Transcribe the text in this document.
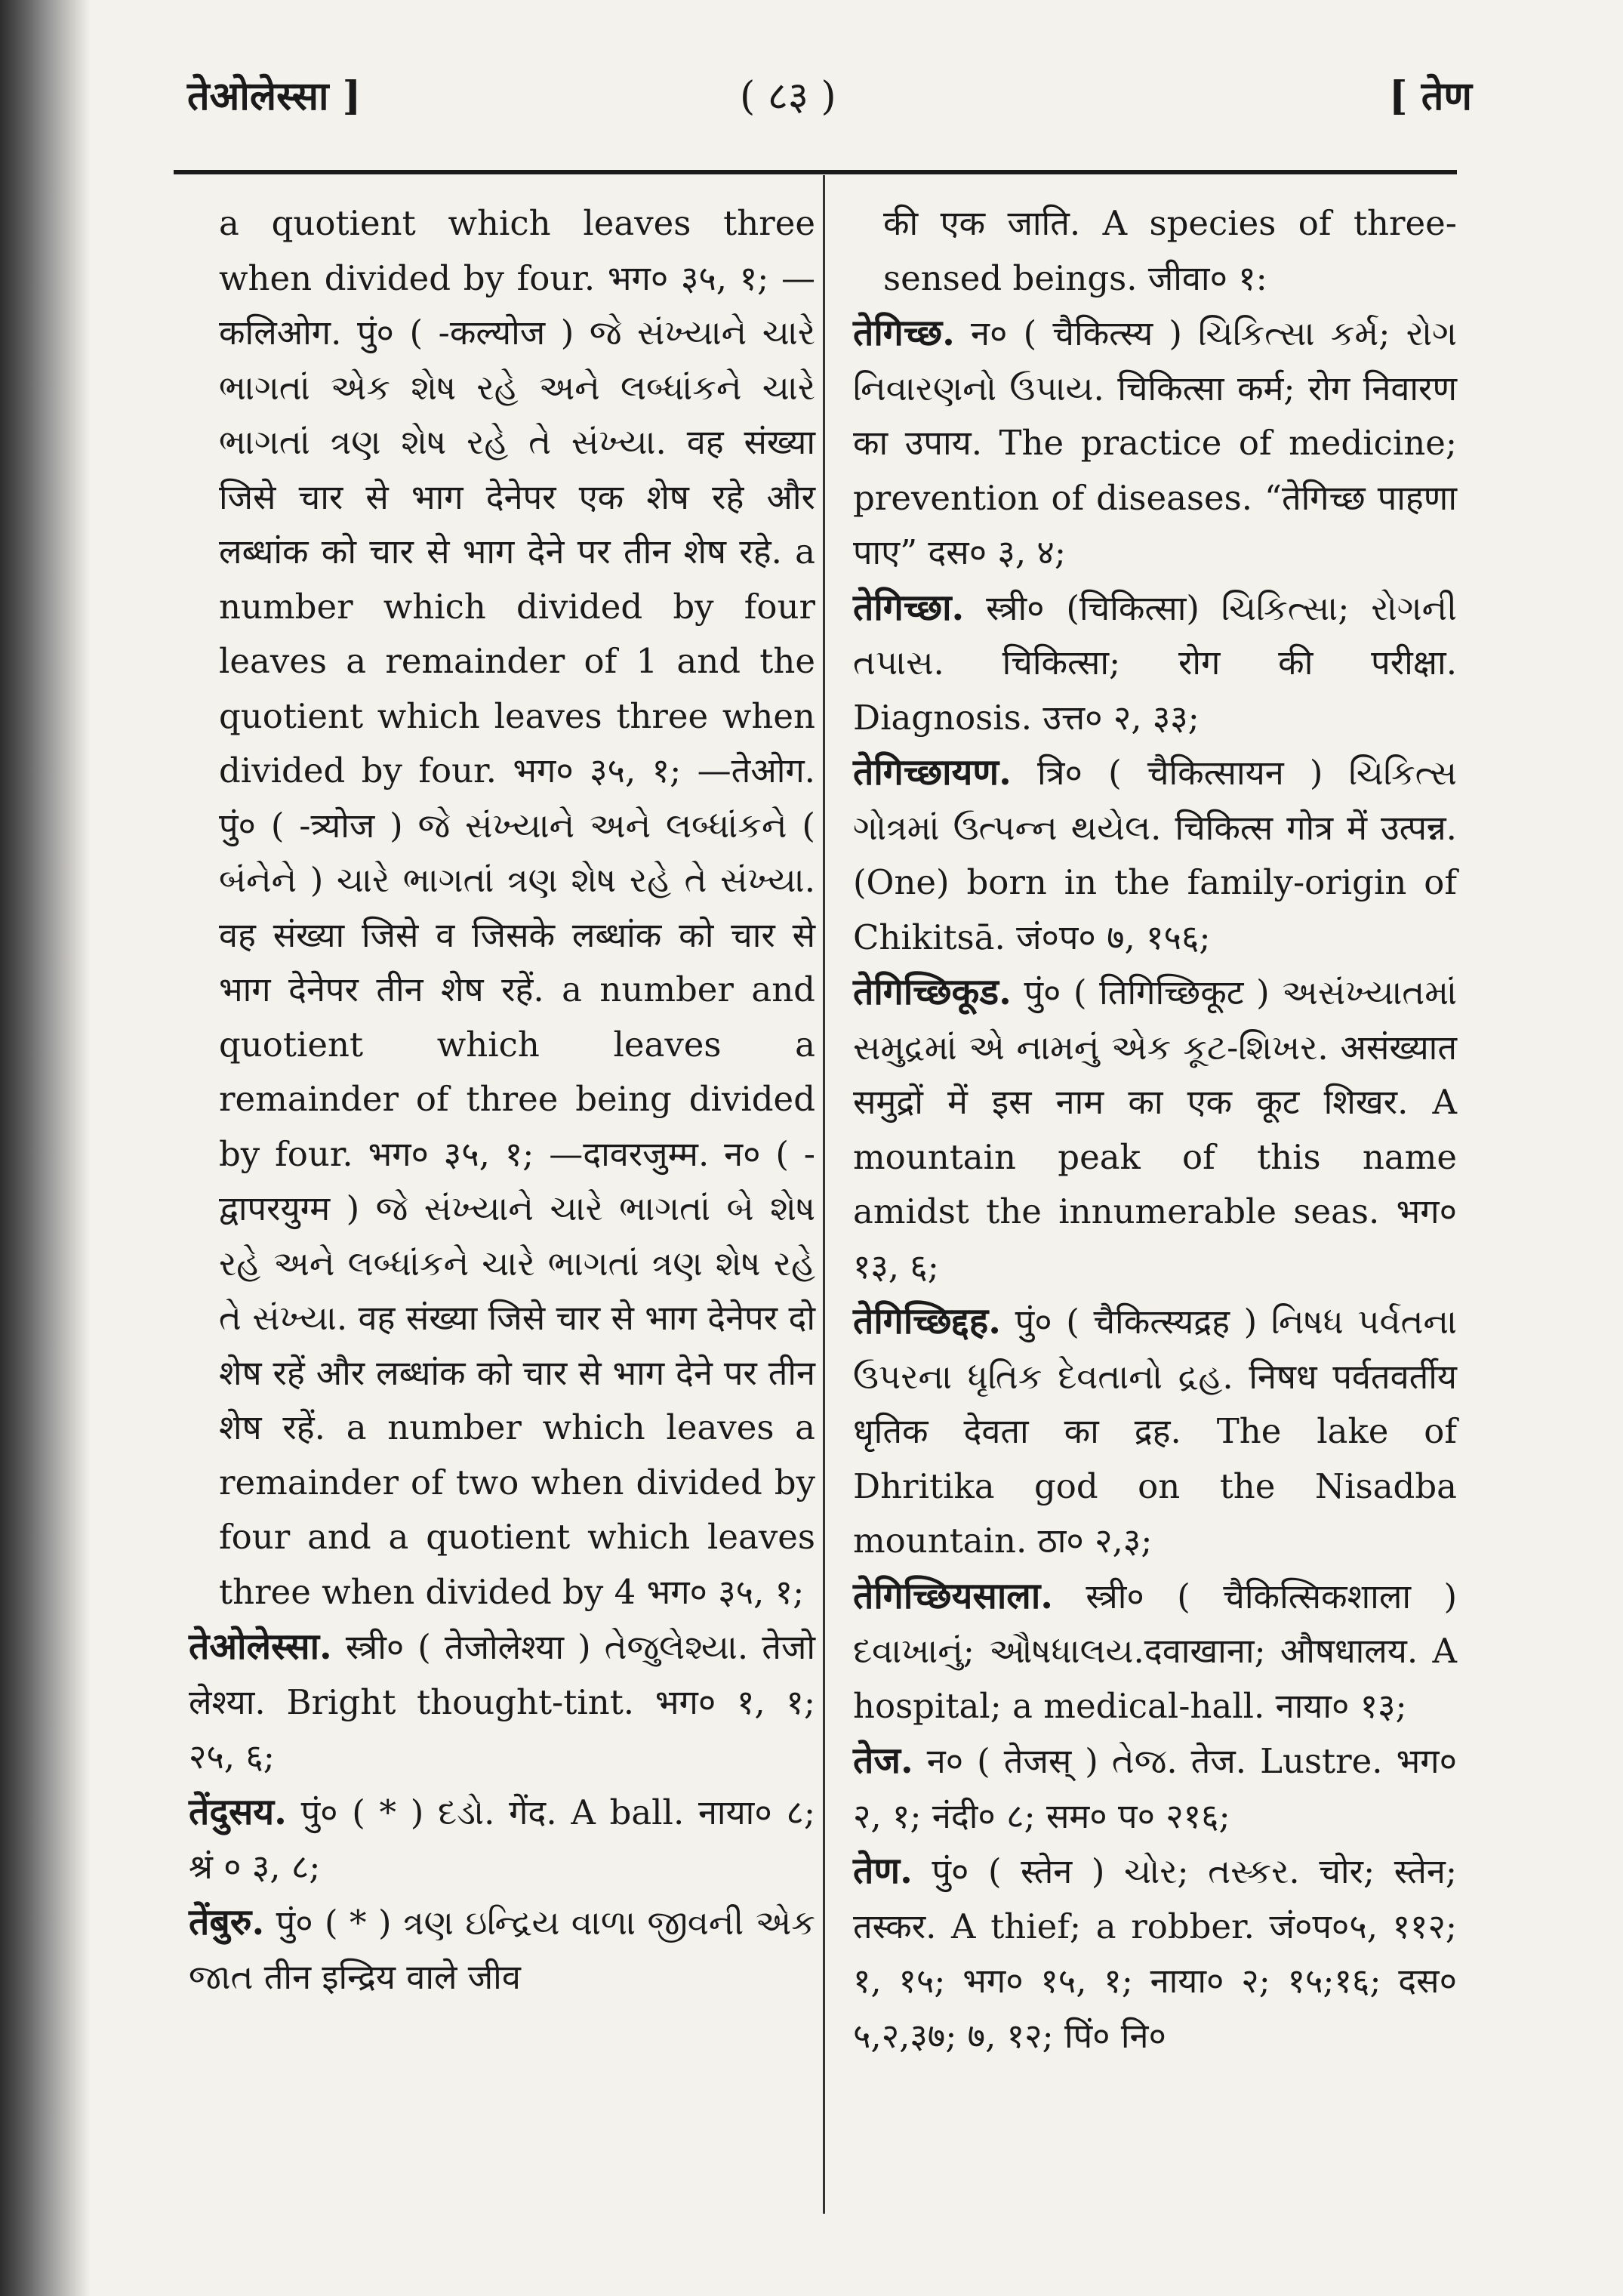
तेओलेस्सा ]	( ८३ )	[ तेण

a quotient which leaves three when divided by four. भग० ३५, १; —कलिओग. पुं० ( -कल्योज ) જે સંખ્યાને ચારે ભાગતાં એક શેષ રહે અને લબ્ધાંકને ચારે ભાગતાં ત્રણ શેષ રહે તે સંખ્યા. वह संख्या जिसे चार से भाग देनेपर एक शेष रहे और लब्धांक को चार से भाग देने पर तीन शेष रहे. a number which divided by four leaves a remainder of 1 and the quotient which leaves three when divided by four. भग० ३५, १; —तेओग. पुं० ( -त्र्योज ) જે સંખ્યાને અને લબ્ધાંકને ( બંનેને ) ચારે ભાગતાં ત્રણ શેષ રહે તે સંખ્યા. वह संख्या जिसे व जिसके लब्धांक को चार से भाग देनेपर तीन शेष रहें. a number and quotient which leaves a remainder of three being divided by four. भग० ३५, १; —दावरजुम्म. न० ( -द्वापरयुग्म ) જે સંખ્યાને ચારે ભાગતાં બે શેષ રહે અને લબ્ધાંકને ચારે ભાગતાં ત્રણ શેષ રહે તે સંખ્યા. वह संख्या जिसे चार से भाग देनेपर दो शेष रहें और लब्धांक को चार से भाग देने पर तीन शेष रहें. a number which leaves a remainder of two when divided by four and a quotient which leaves three when divided by 4 भग० ३५, १;

तेओलेस्सा. स्त्री० ( तेजोलेश्या ) તેજુલેશ્યા. तेजो लेश्या. Bright thought-tint. भग० १, १; २५, ६;

तेंदुसय. पुं० ( * ) દડો. गेंद. A ball. नाया० ८; श्रं ० ३, ८;

तेंबुरु. पुं० ( * ) ત્રણ ઇન્દ્રિય વાળા જીવની એક જાત तीन इन्द्रिय वाले जीव

की एक जाति. A species of three-sensed beings. जीवा० १:

तेगिच्छ. न० ( चैकित्स्य ) ચિકિત્સા કર્મ; રોગ નિવારણનો ઉપાય. चिकित्सा कर्म; रोग निवारण का उपाय. The practice of medicine; prevention of diseases. “तेगिच्छ पाहणा पाए” दस० ३, ४;

तेगिच्छा. स्त्री० (चिकित्सा) ચિકિત્સા; રોગની તપાસ. चिकित्सा; रोग की परीक्षा. Diagnosis. उत्त० २, ३३;

तेगिच्छायण. त्रि० ( चैकित्सायन ) ચિકિત્સ ગોત્રમાં ઉત્પન્ન થયેલ. चिकित्स गोत्र में उत्पन्न. (One) born in the family-origin of Chikitsā. जं०प० ७, १५६;

तेगिच्छिकूड. पुं० ( तिगिच्छिकूट ) અસંખ્યાતમાં સમુદ્રમાં એ નામનું એક કૂટ-શિખર. असंख्यात समुद्रों में इस नाम का एक कूट शिखर. A mountain peak of this name amidst the innumerable seas. भग० १३, ६;

तेगिच्छिद्दह. पुं० ( चैकित्स्यद्रह ) નિષધ પર્વતના ઉપરના ધૃતિક દેવતાનો દ્રહ. निषध पर्वतवर्तीय धृतिक देवता का द्रह. The lake of Dhritika god on the Nisadba mountain. ठा० २,३;

तेगिच्छियसाला. स्त्री० ( चैकित्सिकशाला ) દવાખાનું; ઔષધાલય.दवाखाना; औषधालय. A hospital; a medical-hall. नाया० १३;

तेज. न० ( तेजस् ) તેજ. तेज. Lustre. भग० २, १; नंदी० ८; सम० प० २१६;

तेण. पुं० ( स्तेन ) ચોર; તસ્કર. चोर; स्तेन; तस्कर. A thief; a robber. जं०प०५, ११२; १, १५; भग० १५, १; नाया० २; १५;१६; दस० ५,२,३७; ७, १२; पिं० नि०
